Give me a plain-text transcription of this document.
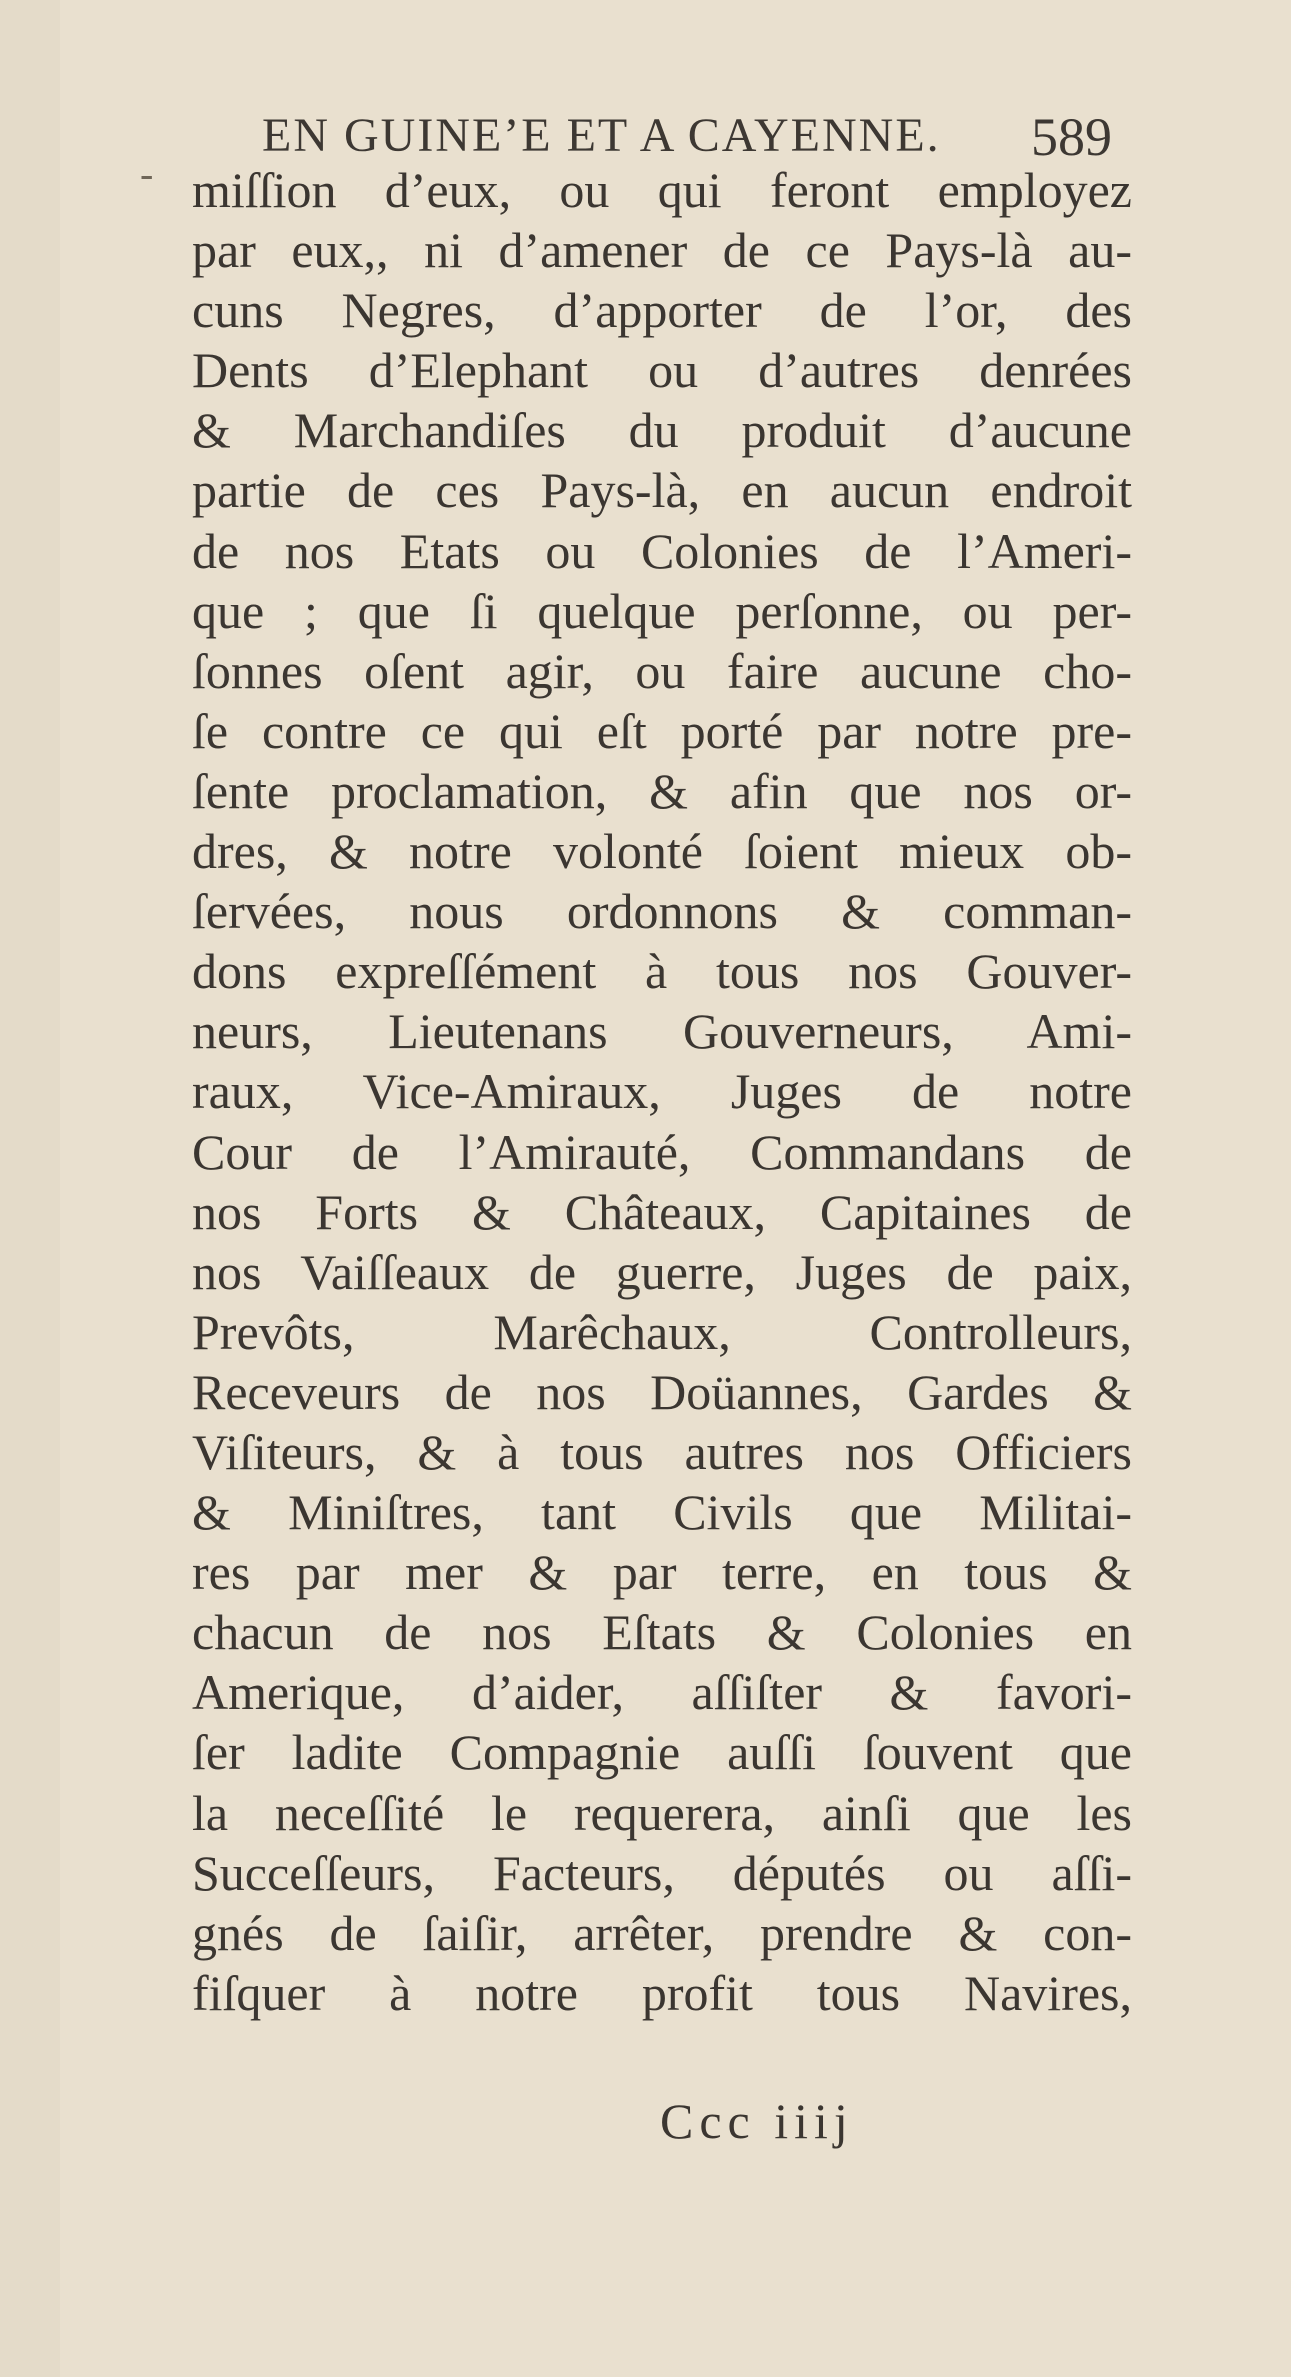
-
EN GUINE’E ET A CAYENNE. 589
miſſion d’eux, ou qui feront employez
par eux,, ni d’amener de ce Pays-là au-
cuns Negres, d’apporter de l’or, des
Dents d’Elephant ou d’autres denrées
& Marchandiſes du produit d’aucune
partie de ces Pays-là, en aucun endroit
de nos Etats ou Colonies de l’Ameri-
que ; que ſi quelque perſonne, ou per-
ſonnes oſent agir, ou faire aucune cho-
ſe contre ce qui eſt porté par notre pre-
ſente proclamation, & afin que nos or-
dres, & notre volonté ſoient mieux ob-
ſervées, nous ordonnons & comman-
dons expreſſément à tous nos Gouver-
neurs, Lieutenans Gouverneurs, Ami-
raux, Vice-Amiraux, Juges de notre
Cour de l’Amirauté, Commandans de
nos Forts & Châteaux, Capitaines de
nos Vaiſſeaux de guerre, Juges de paix,
Prevôts, Marêchaux, Controlleurs,
Receveurs de nos Doüannes, Gardes &
Viſiteurs, & à tous autres nos Officiers
& Miniſtres, tant Civils que Militai-
res par mer & par terre, en tous &
chacun de nos Eſtats & Colonies en
Amerique, d’aider, aſſiſter & favori-
ſer ladite Compagnie auſſi ſouvent que
la neceſſité le requerera, ainſi que les
Succeſſeurs, Facteurs, députés ou aſſi-
gnés de ſaiſir, arrêter, prendre & con-
fiſquer à notre profit tous Navires,
Ccc iiij
